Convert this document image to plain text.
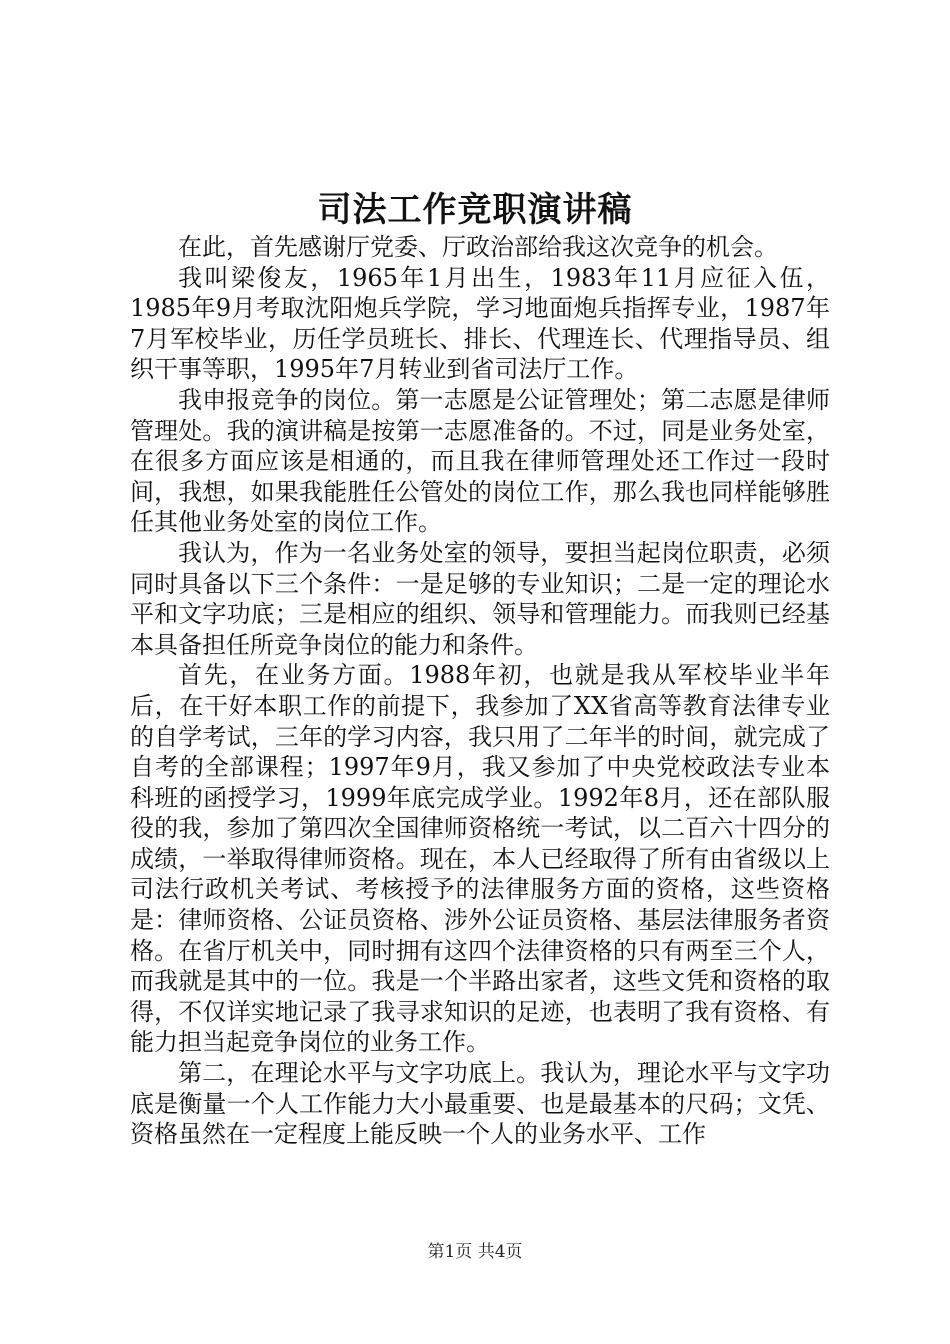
司法工作竞职演讲稿

在此，首先感谢厅党委、厅政治部给我这次竞争的机会。

我叫梁俊友，1965年1月出生，1983年11月应征入伍，1985年9月考取沈阳炮兵学院，学习地面炮兵指挥专业，1987年7月军校毕业，历任学员班长、排长、代理连长、代理指导员、组织干事等职，1995年7月转业到省司法厅工作。

我申报竞争的岗位。第一志愿是公证管理处；第二志愿是律师管理处。我的演讲稿是按第一志愿准备的。不过，同是业务处室，在很多方面应该是相通的，而且我在律师管理处还工作过一段时间，我想，如果我能胜任公管处的岗位工作，那么我也同样能够胜任其他业务处室的岗位工作。

我认为，作为一名业务处室的领导，要担当起岗位职责，必须同时具备以下三个条件：一是足够的专业知识；二是一定的理论水平和文字功底；三是相应的组织、领导和管理能力。而我则已经基本具备担任所竞争岗位的能力和条件。

首先，在业务方面。1988年初，也就是我从军校毕业半年后，在干好本职工作的前提下，我参加了XX省高等教育法律专业的自学考试，三年的学习内容，我只用了二年半的时间，就完成了自考的全部课程；1997年9月，我又参加了中央党校政法专业本科班的函授学习，1999年底完成学业。1992年8月，还在部队服役的我，参加了第四次全国律师资格统一考试，以二百六十四分的成绩，一举取得律师资格。现在，本人已经取得了所有由省级以上司法行政机关考试、考核授予的法律服务方面的资格，这些资格是：律师资格、公证员资格、涉外公证员资格、基层法律服务者资格。在省厅机关中，同时拥有这四个法律资格的只有两至三个人，而我就是其中的一位。我是一个半路出家者，这些文凭和资格的取得，不仅详实地记录了我寻求知识的足迹，也表明了我有资格、有能力担当起竞争岗位的业务工作。

第二，在理论水平与文字功底上。我认为，理论水平与文字功底是衡量一个人工作能力大小最重要、也是最基本的尺码；文凭、资格虽然在一定程度上能反映一个人的业务水平、工作

第1页 共4页
